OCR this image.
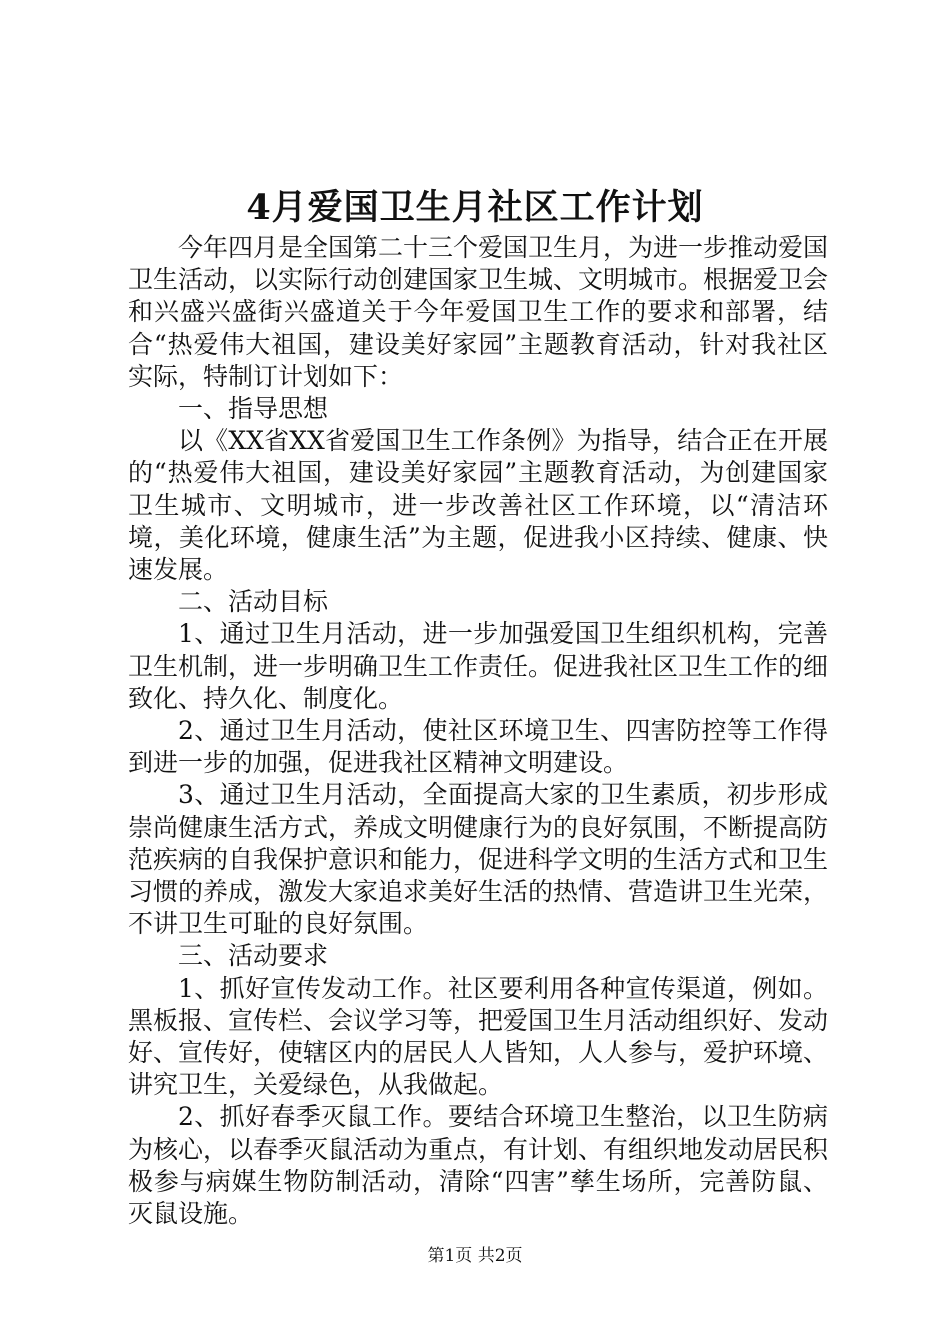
4月爱国卫生月社区工作计划

今年四月是全国第二十三个爱国卫生月，为进一步推动爱国卫生活动，以实际行动创建国家卫生城、文明城市。根据爱卫会和兴盛兴盛街兴盛道关于今年爱国卫生工作的要求和部署，结合“热爱伟大祖国，建设美好家园”主题教育活动，针对我社区实际，特制订计划如下：

一、指导思想

以《XX省XX省爱国卫生工作条例》为指导，结合正在开展的“热爱伟大祖国，建设美好家园”主题教育活动，为创建国家卫生城市、文明城市，进一步改善社区工作环境，以“清洁环境，美化环境，健康生活”为主题，促进我小区持续、健康、快速发展。

二、活动目标

1、通过卫生月活动，进一步加强爱国卫生组织机构，完善卫生机制，进一步明确卫生工作责任。促进我社区卫生工作的细致化、持久化、制度化。

2、通过卫生月活动，使社区环境卫生、四害防控等工作得到进一步的加强，促进我社区精神文明建设。

3、通过卫生月活动，全面提高大家的卫生素质，初步形成崇尚健康生活方式，养成文明健康行为的良好氛围，不断提高防范疾病的自我保护意识和能力，促进科学文明的生活方式和卫生习惯的养成，激发大家追求美好生活的热情、营造讲卫生光荣，不讲卫生可耻的良好氛围。

三、活动要求

1、抓好宣传发动工作。社区要利用各种宣传渠道，例如。黑板报、宣传栏、会议学习等，把爱国卫生月活动组织好、发动好、宣传好，使辖区内的居民人人皆知，人人参与，爱护环境、讲究卫生，关爱绿色，从我做起。

2、抓好春季灭鼠工作。要结合环境卫生整治，以卫生防病为核心，以春季灭鼠活动为重点，有计划、有组织地发动居民积极参与病媒生物防制活动，清除“四害”孳生场所，完善防鼠、灭鼠设施。

第1页 共2页
